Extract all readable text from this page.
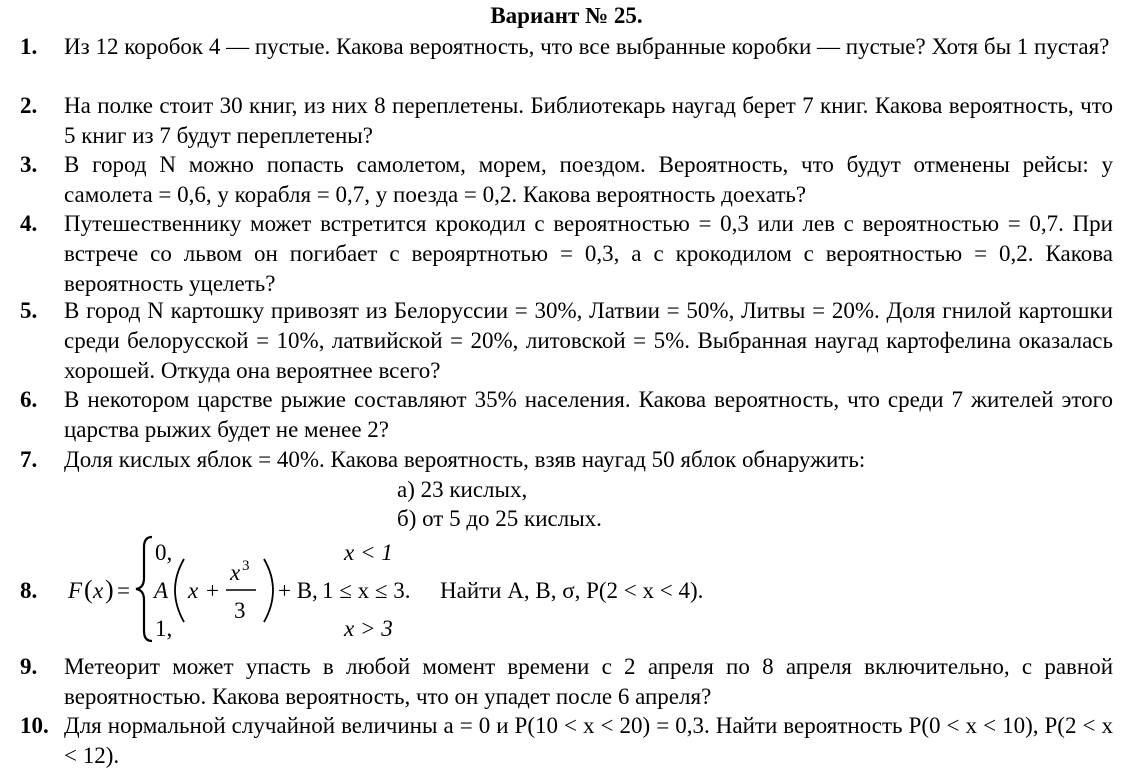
Вариант № 25.
1. Из 12 коробок 4 — пустые. Какова вероятность, что все выбранные коробки — пустые? Хотя бы 1 пустая?
2. На полке стоит 30 книг, из них 8 переплетены. Библиотекарь наугад берет 7 книг. Какова вероятность, что 5 книг из 7 будут переплетены?
3. В город N можно попасть самолетом, морем, поездом. Вероятность, что будут отменены рейсы: у самолета = 0,6, у корабля = 0,7, у поезда = 0,2. Какова вероятность доехать?
4. Путешественнику может встретится крокодил с вероятностью = 0,3 или лев с вероятностью = 0,7. При встрече со львом он погибает с верояртнотью = 0,3, а с крокодилом с вероятностью = 0,2. Какова вероятность уцелеть?
5. В город N картошку привозят из Белоруссии = 30%, Латвии = 50%, Литвы = 20%. Доля гнилой картошки среди белорусской = 10%, латвийской = 20%, литовской = 5%. Выбранная наугад картофелина оказалась хорошей. Откуда она вероятнее всего?
6. В некотором царстве рыжие составляют 35% населения. Какова вероятность, что среди 7 жителей этого царства рыжих будет не менее 2?
7. Доля кислых яблок = 40%. Какова вероятность, взяв наугад 50 яблок обнаружить:
а) 23 кислых,
б) от 5 до 25 кислых.
8. F ( x ) =
0,	x < 1
A x +
x 3
3
+ B, 1 ≤ x ≤ 3.
1,	x > 3
Найти A, B, σ, P(2 < x < 4).
9. Метеорит может упасть в любой момент времени с 2 апреля по 8 апреля включительно, с равной вероятностью. Какова вероятность, что он упадет после 6 апреля?
10. Для нормальной случайной величины a = 0 и P(10 < x < 20) = 0,3. Найти вероятность P(0 < x < 10), P(2 < x < 12).
